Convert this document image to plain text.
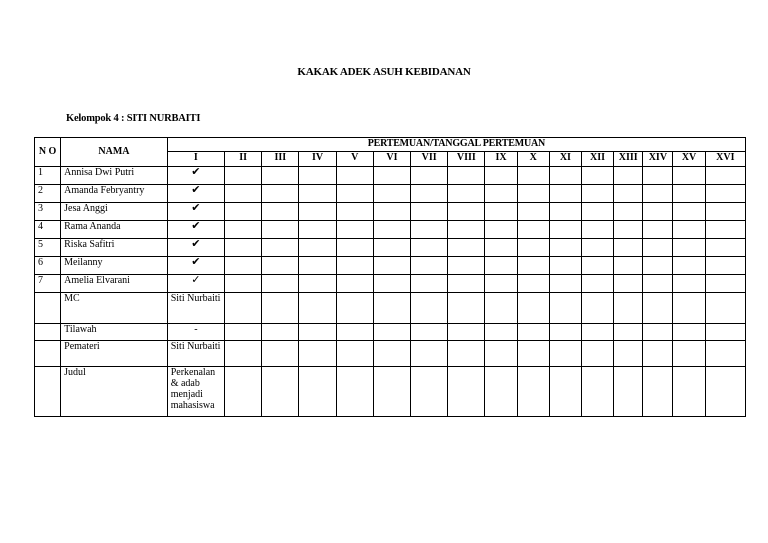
KAKAK ADEK ASUH KEBIDANAN
Kelompok 4 : SITI NURBAITI
N O	NAMA	PERTEMUAN/TANGGAL PERTEMUAN															
		I	II	III	IV	V	VI	VII	VIII	IX	X	XI	XII	XIII	XIV	XV	XVI
1	Annisa Dwi Putri	✔															
2	Amanda Febryantry	✔															
3	Jesa Anggi	✔															
4	Rama Ananda	✔															
5	Riska Safitri	✔															
6	Meilanny	✔															
7	Amelia Elvarani	✓															
	MC	Siti Nurbaiti															
	Tilawah	-															
	Pemateri	Siti Nurbaiti															
	Judul	Perkenalan & adab menjadi mahasiswa															
